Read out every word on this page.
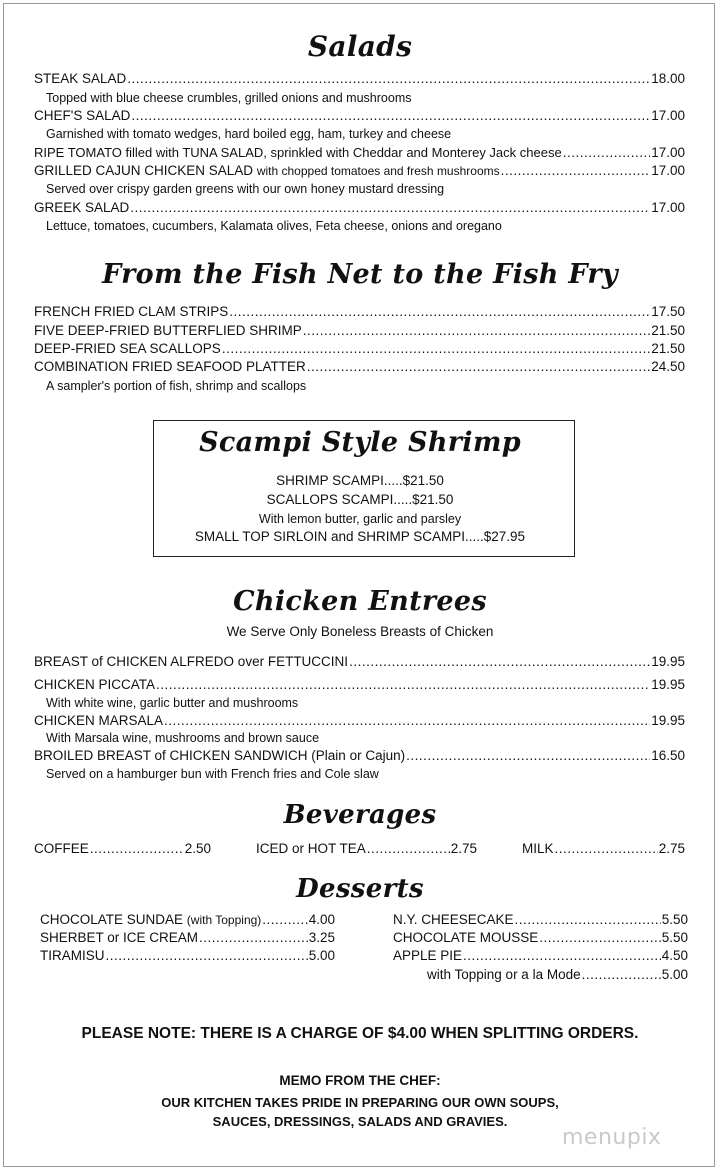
Salads
STEAK SALAD .....	18.00
Topped with blue cheese crumbles, grilled onions and mushrooms
CHEF'S SALAD .....	17.00
Garnished with tomato wedges, hard boiled egg, ham, turkey and cheese
RIPE TOMATO filled with TUNA SALAD, sprinkled with Cheddar and Monterey Jack cheese .....	17.00
GRILLED CAJUN CHICKEN SALAD
with chopped tomatoes and fresh mushrooms .....	17.00
Served over crispy garden greens with our own honey mustard dressing
GREEK SALAD .....	17.00
Lettuce, tomatoes, cucumbers, Kalamata olives, Feta cheese, onions and oregano
From the Fish Net to the Fish Fry
FRENCH FRIED CLAM STRIPS .....	17.50
FIVE DEEP-FRIED BUTTERFLIED SHRIMP .....	21.50
DEEP-FRIED SEA SCALLOPS .....	21.50
COMBINATION FRIED SEAFOOD PLATTER .....	24.50
A sampler's portion of fish, shrimp and scallops
Scampi Style Shrimp
SHRIMP SCAMPI.....$21.50
SCALLOPS SCAMPI.....$21.50
With lemon butter, garlic and parsley
SMALL TOP SIRLOIN and SHRIMP SCAMPI.....$27.95
Chicken Entrees
We Serve Only Boneless Breasts of Chicken
BREAST of CHICKEN ALFREDO over FETTUCCINI .....	19.95
CHICKEN PICCATA .....	19.95
With white wine, garlic butter and mushrooms
CHICKEN MARSALA .....	19.95
With Marsala wine, mushrooms and brown sauce
BROILED BREAST of CHICKEN SANDWICH (Plain or Cajun) .....	16.50
Served on a hamburger bun with French fries and Cole slaw
Beverages
COFFEE .....	2.50	ICED or HOT TEA .....	2.75	MILK .....	2.75
Desserts
CHOCOLATE SUNDAE
(with Topping) .....	4.00
SHERBET or ICE CREAM .....	3.25
TIRAMISU .....	5.00
N.Y. CHEESECAKE .....	5.50
CHOCOLATE MOUSSE .....	5.50
APPLE PIE .....	4.50
with Topping or a la Mode .....	5.00
PLEASE NOTE: THERE IS A CHARGE OF $4.00 WHEN SPLITTING ORDERS.
MEMO FROM THE CHEF:
OUR KITCHEN TAKES PRIDE IN PREPARING OUR OWN SOUPS,
SAUCES, DRESSINGS, SALADS AND GRAVIES.
menupix
